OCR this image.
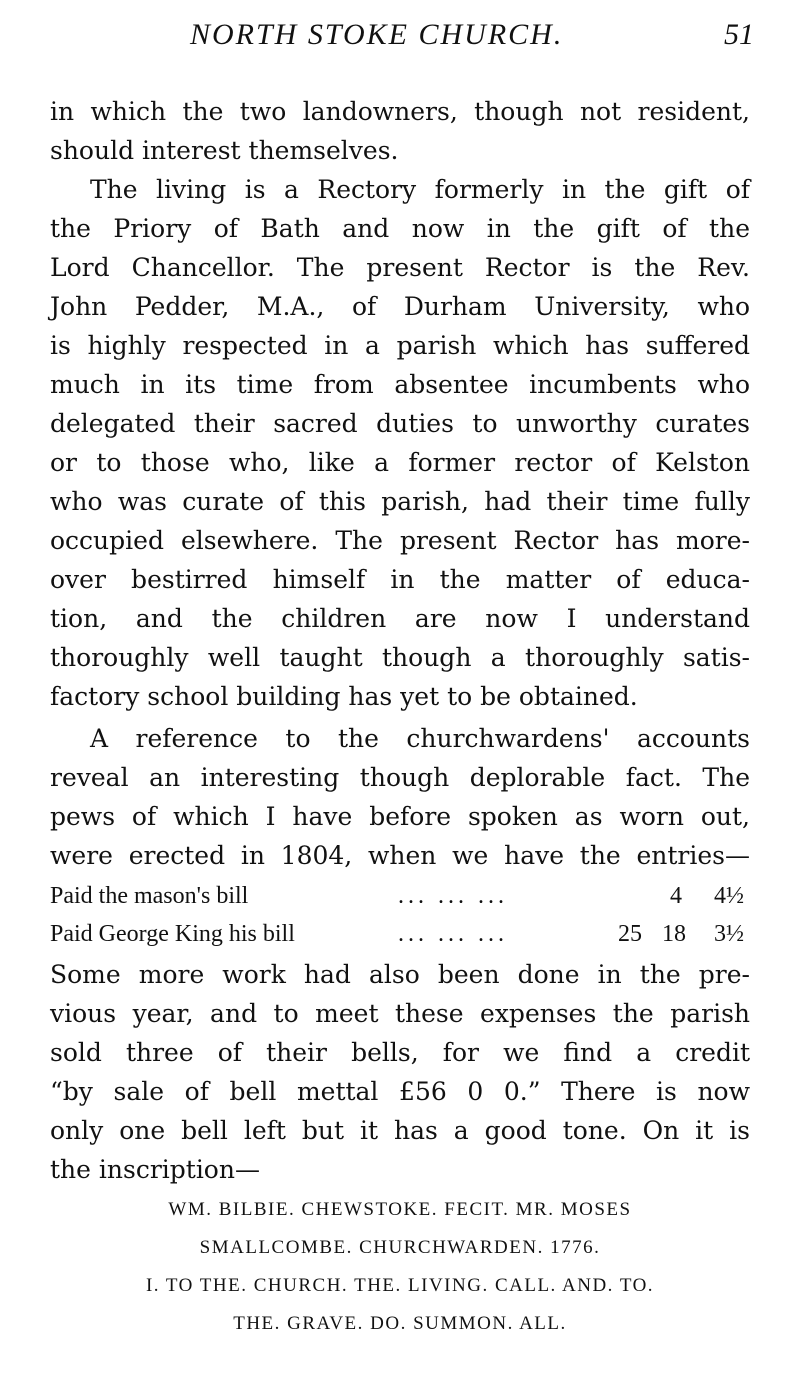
NORTH STOKE CHURCH.	51
in which the two landowners, though not resident,
should interest themselves.
The living is a Rectory formerly in the gift of
the Priory of Bath and now in the gift of the
Lord Chancellor. The present Rector is the Rev.
John Pedder, M.A., of Durham University, who
is highly respected in a parish which has suffered
much in its time from absentee incumbents who
delegated their sacred duties to unworthy curates
or to those who, like a former rector of Kelston
who was curate of this parish, had their time fully
occupied elsewhere. The present Rector has more-
over bestirred himself in the matter of educa-
tion, and the children are now I understand
thoroughly well taught though a thoroughly satis-
factory school building has yet to be obtained.
A reference to the churchwardens' accounts
reveal an interesting though deplorable fact. The
pews of which I have before spoken as worn out,
were erected in 1804, when we have the entries—
Paid the mason's bill	... ... ...	4 4½
Paid George King his bill	... ... ...	25 18 3½
Some more work had also been done in the pre-
vious year, and to meet these expenses the parish
sold three of their bells, for we find a credit
“by sale of bell mettal £56 0 0.” There is now
only one bell left but it has a good tone. On it is
the inscription—
WM. BILBIE. CHEWSTOKE. FECIT. MR. MOSES
SMALLCOMBE. CHURCHWARDEN. 1776.
I. TO THE. CHURCH. THE. LIVING. CALL. AND. TO.
THE. GRAVE. DO. SUMMON. ALL.
